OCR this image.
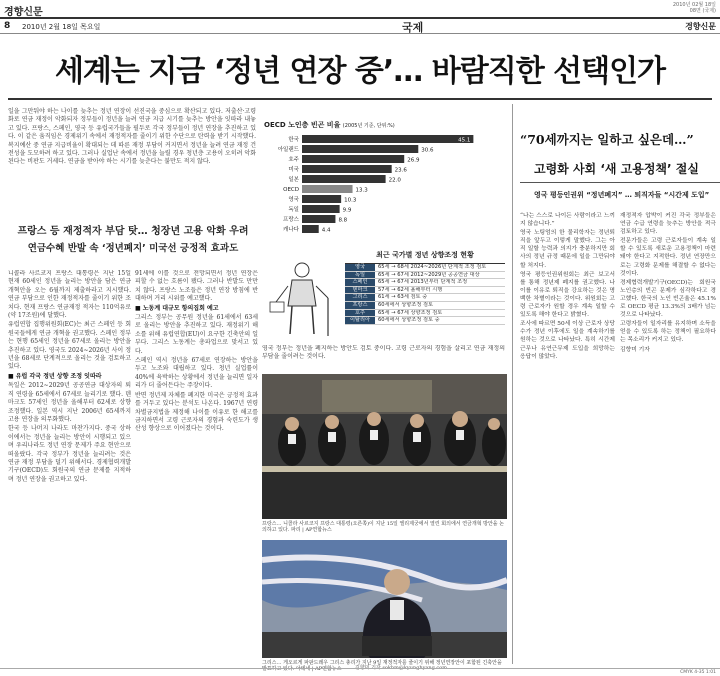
경향신문
2010년 02월 18일
08면 (국제)
8 2010년 2월 18일 목요일	국제	경향신문
세계는 지금 ‘정년 연장 중’… 바람직한 선택인가
일을 그만둬야 하는 나이를 늦추는 정년 연장이 선진국을 중심으로 확산되고 있다. 저출산·고령화로 연금 재정이 악화되자 정부들이 정년을 늘려 연금 지급 시기를 늦추는 방안을 잇따라 내놓고 있다. 프랑스, 스페인, 영국 등 유럽국가들을 필두로 각국 정부들이 정년 연장을 추진하고 있다. 이 같은 움직임은 경제위기 속에서 재정적자를 줄이기 위한 수단으로 탄력을 받기 시작했다. 복지예산 중 연금 지급비율이 확대되는 데 따른 재정 부담이 커지면서 정년을 늘려 연금 재정 건전성을 도모하려 하고 있다. 그러나 실업난 속에서 정년을 늘릴 경우 청년층 고용이 오히려 악화된다는 비판도 거세다. 연금을 받아야 하는 시기를 늦춘다는 불만도 적지 않다.
OECD 노인층 빈곤 비율 (2005년 기준, 단위:%)
한국	45.1
아일랜드	30.6
호주	26.9
미국	23.6
일본	22.0
OECD	13.3
영국	10.3
독일	9.9
프랑스	8.8
캐나다	4.4
프랑스 등 재정적자 부담 탓… 청장년 고용 악화 우려
연금수혜 반발 속 ‘정년폐지’ 미국선 긍정적 효과도
최근 국가별 정년 상향조정 현황
영국	65세 → 68세 2024~2026년 단계적 조정 검토
독일	65세 → 67세 2012~2029년 공공연금 대상
스페인	65세 → 67세 2013년부터 단계적 조정
덴마크	57세 → 62세 올해부터 시행
그리스	61세 → 63세 검토 중
프랑스	60세에서 상향조정 검토
호주	65세 → 67세 상향조정 검토
이탈리아	60세에서 상향조정 검토 중

니콜라 사르코지 프랑스 대통령은 지난 15일 현재 60세인 정년을 늘리는 방안을 담은 연금개혁안을 오는 6월까지 제출하라고 지시했다. 연금 부담으로 인한 재정적자를 줄이기 위한 조치다. 현재 프랑스 연금재정 적자는 110억유로(약 17조원)에 달했다.

유럽연합 집행위원회(EC)는 최근 스페인 등 회원국들에게 연금 개혁을 권고했다. 스페인 정부는 현행 65세인 정년을 67세로 올리는 방안을 추진하고 있다. 영국도 2024~2026년 사이 정년을 68세로 단계적으로 올리는 것을 검토하고 있다.

■ 유럽 각국 정년 상향 조정 잇따라

독일은 2012~2029년 공공연금 대상자의 퇴직 연령을 65세에서 67세로 늘리기로 했다. 덴마크도 57세인 정년을 올해부터 62세로 상향 조정했다. 일본 역시 지난 2006년 65세까지 고용 연장을 의무화했다.

한국 등 나머지 나라도 마찬가지다. 중국 상하이에서는 정년을 늘리는 방안이 시행되고 있으며 우리나라도 정년 연장 문제가 주요 현안으로 떠올랐다. 각국 정부가 정년을 늘리려는 것은 연금 재정 부담을 덜기 위해서다. 경제협력개발기구(OECD)도 회원국의 연금 문제를 지적하며 정년 연장을 권고하고 있다.

91세에 이를 것으로 전망되면서 정년 연장은 피할 수 없는 흐름이 됐다. 그러나 반발도 만만치 않다. 프랑스 노조들은 정년 연장 방침에 반대하며 거리 시위를 예고했다.

■ 노동계 대규모 항의집회 예고

그리스 정부는 공무원 정년을 61세에서 63세로 올리는 방안을 추진하고 있다. 재정위기 해소를 위해 유럽연합(EU)이 요구한 긴축안의 일부다. 그리스 노동계는 총파업으로 맞서고 있다.

스페인 역시 정년을 67세로 연장하는 방안을 두고 노조와 대립하고 있다. 청년 실업률이 40%에 육박하는 상황에서 정년을 늘리면 일자리가 더 줄어든다는 주장이다.

반면 정년제 자체를 폐지한 미국은 긍정적 효과를 거두고 있다는 분석도 나온다. 1967년 연령차별금지법을 제정해 나이를 이유로 한 해고를 금지하면서 고령 근로자의 경험과 숙련도가 생산성 향상으로 이어졌다는 것이다.

영국 정부는 정년을 폐지하는 방안도 검토 중이다. 고령 근로자의 경험을 살리고 연금 재정의 부담을 줄이려는 것이다.
프랑스… 니콜라 사르코지 프랑스 대통령(오른쪽)이 지난 15일 엘리제궁에서 열린 회의에서 연금개혁 방안을 논의하고 있다. 파리 | AP연합뉴스
그리스… 게오르게 파판드레우 그리스 총리가 지난 9일 재정적자를 줄이기 위해 정년연장안이 포함된 긴축안을 발표하고 있다. 아테네 | AP연합뉴스	김향미 기자 sokhm@kyunghyang.com
“70세까지는 일하고 싶은데…”
고령화 사회 ‘새 고용정책’ 절실
영국 평등인권위 “정년폐지” … 퇴직자들 “시간제 도입”

“나는 스스로 나이든 사람이라고 느끼지 않습니다.”

영국 노팅엄의 한 물리학자는 정년퇴직을 앞두고 이렇게 말했다. 그는 아직 일할 능력과 의지가 충분하지만 회사의 정년 규정 때문에 일을 그만둬야 할 처지다.

영국 평등인권위원회는 최근 보고서를 통해 정년제 폐지를 권고했다. 나이를 이유로 퇴직을 강요하는 것은 명백한 차별이라는 것이다. 위원회는 고령 근로자가 원할 경우 계속 일할 수 있도록 해야 한다고 밝혔다.

조사에 따르면 50세 이상 근로자 상당수가 정년 이후에도 일을 계속하기를 원하는 것으로 나타났다. 특히 시간제 근무나 유연근무제 도입을 희망하는 응답이 많았다.

재정적자 압박이 커진 각국 정부들은 연금 수급 연령을 늦추는 방안을 적극 검토하고 있다.

전문가들은 고령 근로자들이 계속 일할 수 있도록 새로운 고용정책이 마련돼야 한다고 지적한다. 정년 연장만으로는 고령화 문제를 해결할 수 없다는 것이다.

경제협력개발기구(OECD)는 회원국 노인층의 빈곤 문제가 심각하다고 경고했다. 한국의 노인 빈곤율은 45.1%로 OECD 평균 13.3%의 3배가 넘는 것으로 나타났다.

고령자들이 일자리를 유지하며 소득을 얻을 수 있도록 하는 정책이 필요하다는 목소리가 커지고 있다.

김향미 기자

CMYK 4-35 1:01
